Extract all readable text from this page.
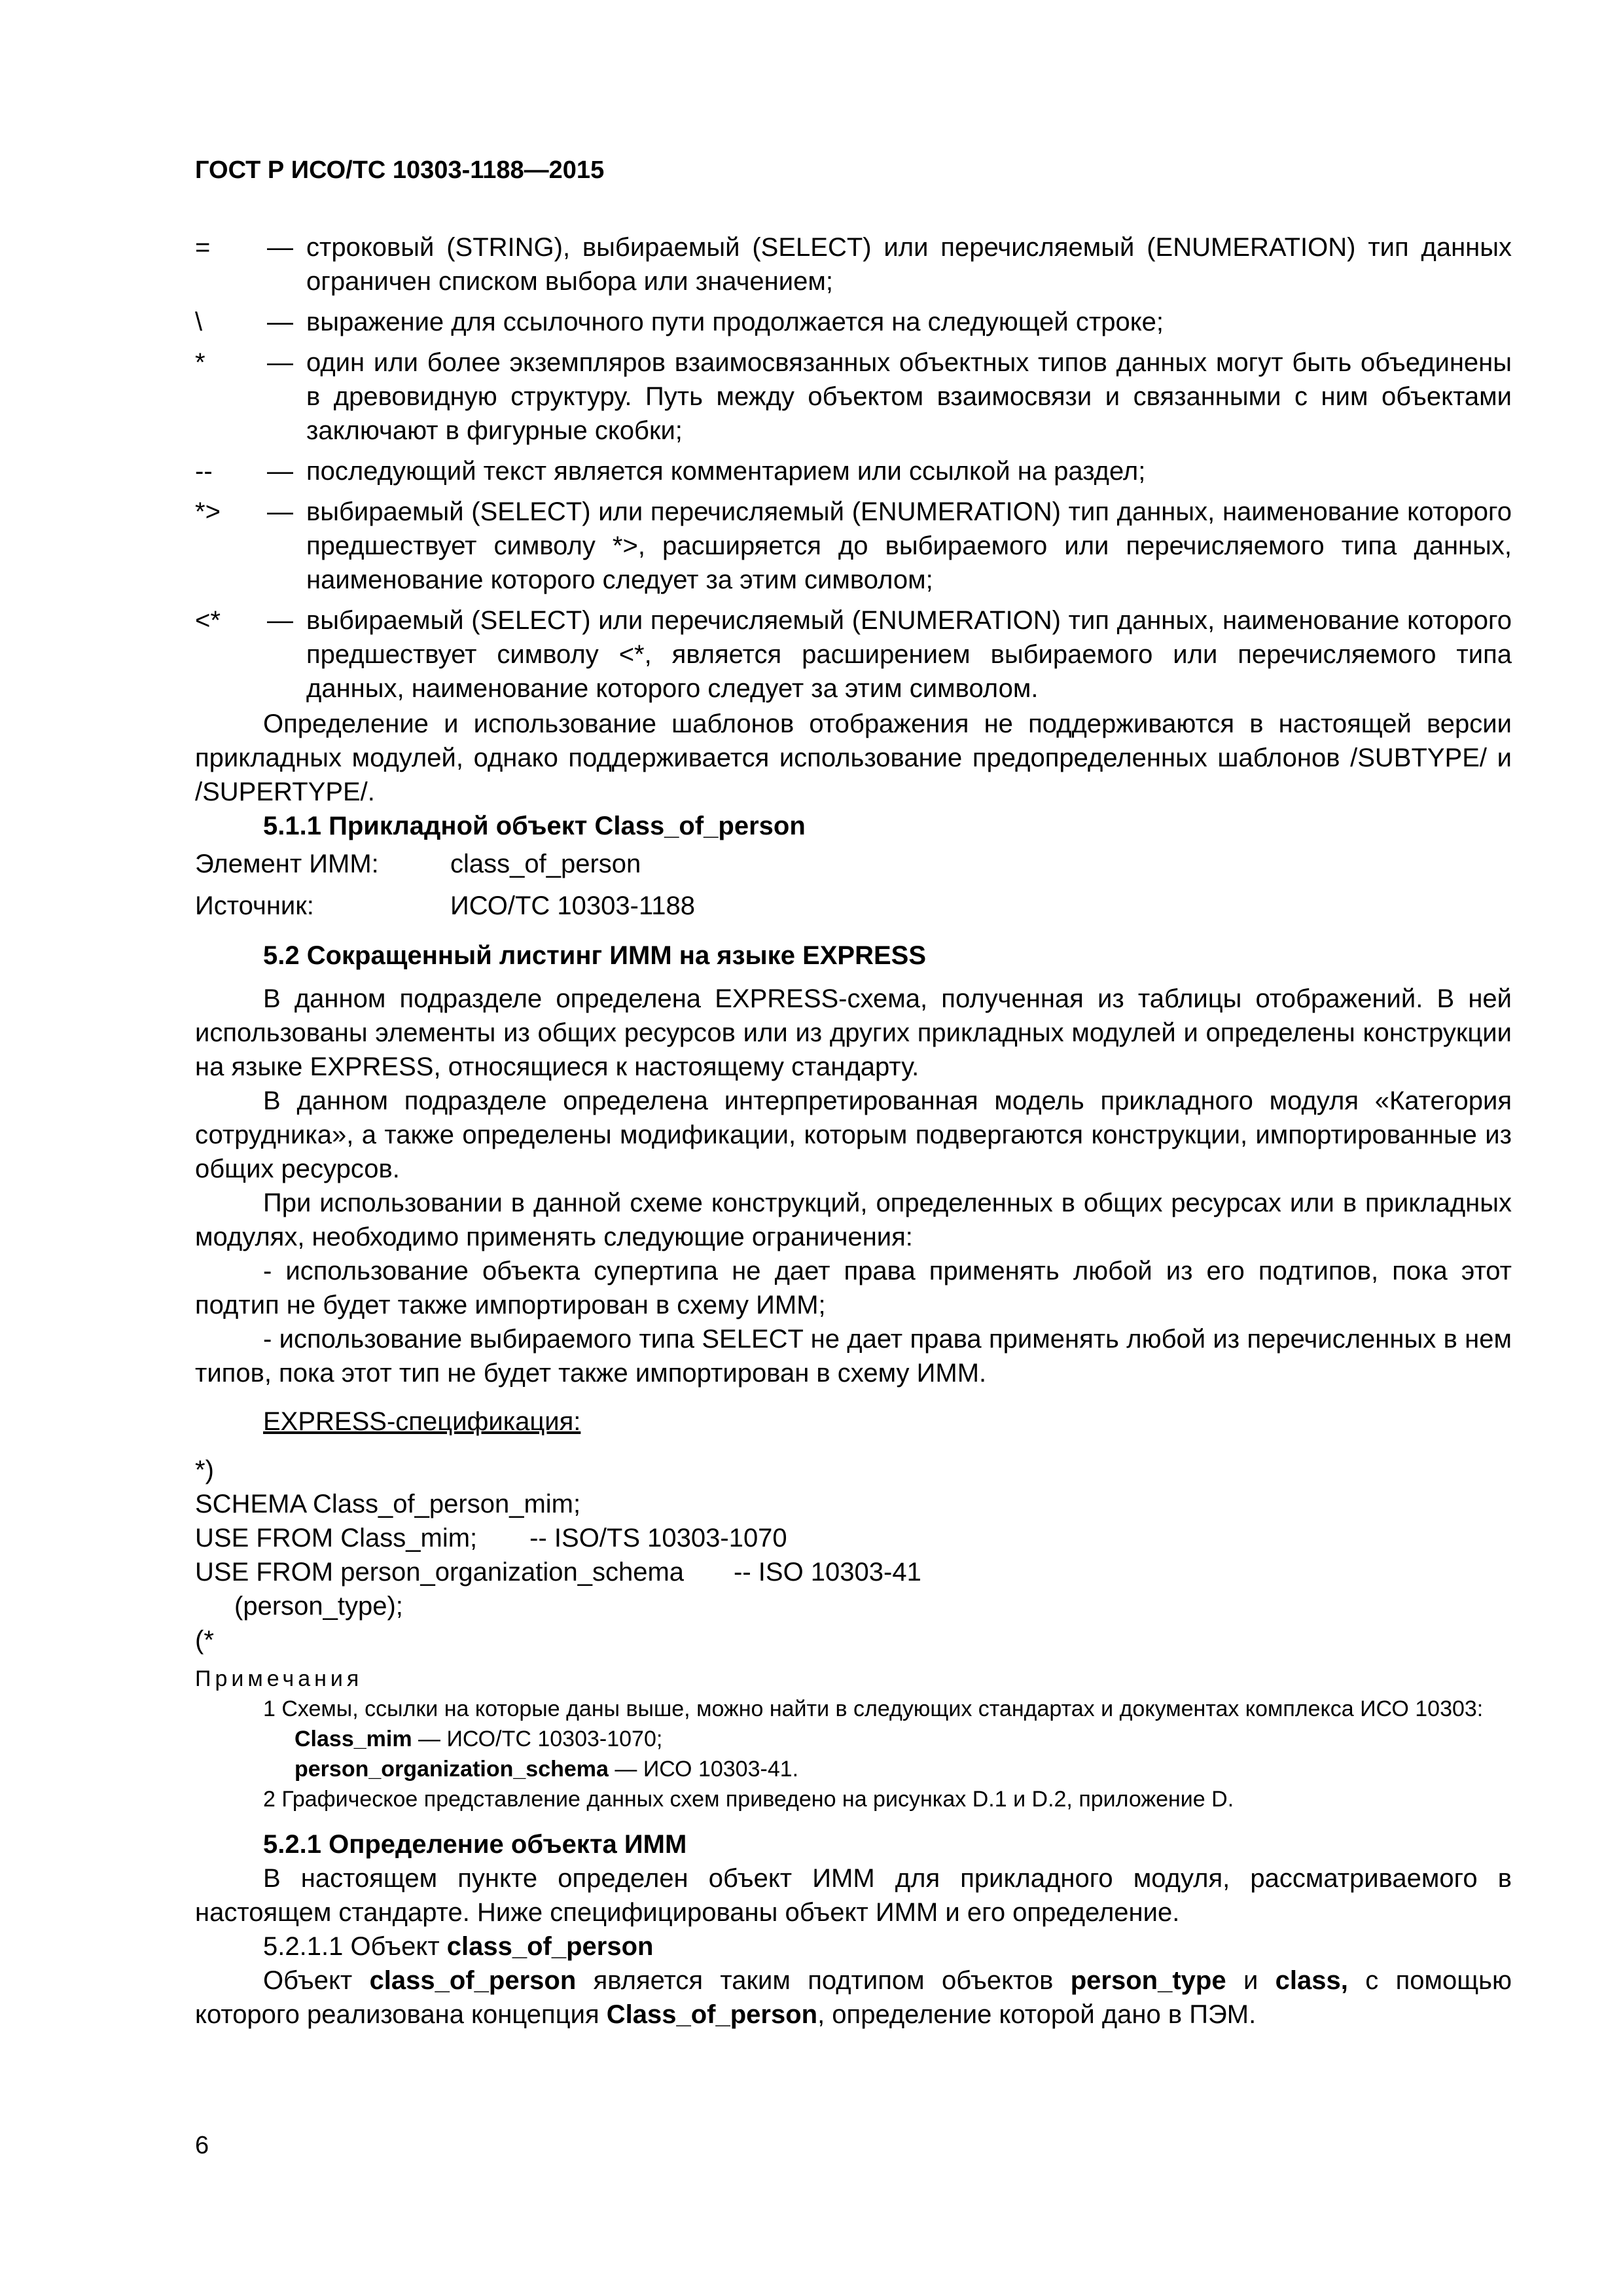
ГОСТ Р ИСО/ТС 10303-1188—2015
=	— строковый (STRING), выбираемый (SELECT) или перечисляемый (ENUMERATION) тип данных ограничен списком выбора или значением;
\	— выражение для ссылочного пути продолжается на следующей строке;
*	— один или более экземпляров взаимосвязанных объектных типов данных могут быть объединены в древовидную структуру. Путь между объектом взаимосвязи и связанными с ним объектами заключают в фигурные скобки;
--	— последующий текст является комментарием или ссылкой на раздел;
*>	— выбираемый (SELECT) или перечисляемый (ENUMERATION) тип данных, наименование которого предшествует символу *>, расширяется до выбираемого или перечисляемого типа данных, наименование которого следует за этим символом;
<*	— выбираемый (SELECT) или перечисляемый (ENUMERATION) тип данных, наименование которого предшествует символу <*, является расширением выбираемого или перечисляемого типа данных, наименование которого следует за этим символом.

Определение и использование шаблонов отображения не поддерживаются в настоящей версии прикладных модулей, однако поддерживается использование предопределенных шаблонов /SUBTYPE/ и /SUPERTYPE/.

5.1.1 Прикладной объект Class_of_person

Элемент ИММ:	class_of_person
Источник:	ИСО/ТС 10303-1188

5.2 Сокращенный листинг ИММ на языке EXPRESS

В данном подразделе определена EXPRESS-схема, полученная из таблицы отображений. В ней использованы элементы из общих ресурсов или из других прикладных модулей и определены конструкции на языке EXPRESS, относящиеся к настоящему стандарту.

В данном подразделе определена интерпретированная модель прикладного модуля «Категория сотрудника», а также определены модификации, которым подвергаются конструкции, импортированные из общих ресурсов.

При использовании в данной схеме конструкций, определенных в общих ресурсах или в прикладных модулях, необходимо применять следующие ограничения:

- использование объекта супертипа не дает права применять любой из его подтипов, пока этот подтип не будет также импортирован в схему ИММ;

- использование выбираемого типа SELECT не дает права применять любой из перечисленных в нем типов, пока этот тип не будет также импортирован в схему ИММ.

EXPRESS-спецификация:

*)

SCHEMA Class_of_person_mim;

USE FROM Class_mim; -- ISO/TS 10303-1070

USE FROM person_organization_schema -- ISO 10303-41

(person_type);

(*

Примечания

1 Схемы, ссылки на которые даны выше, можно найти в следующих стандартах и документах комплекса ИСО 10303:

Class_mim — ИСО/ТС 10303-1070;

person_organization_schema — ИСО 10303-41.

2 Графическое представление данных схем приведено на рисунках D.1 и D.2, приложение D.

5.2.1 Определение объекта ИММ

В настоящем пункте определен объект ИММ для прикладного модуля, рассматриваемого в настоящем стандарте. Ниже специфицированы объект ИММ и его определение.

5.2.1.1 Объект class_of_person

Объект class_of_person является таким подтипом объектов person_type и class, с помощью которого реализована концепция Class_of_person, определение которой дано в ПЭМ.

6
